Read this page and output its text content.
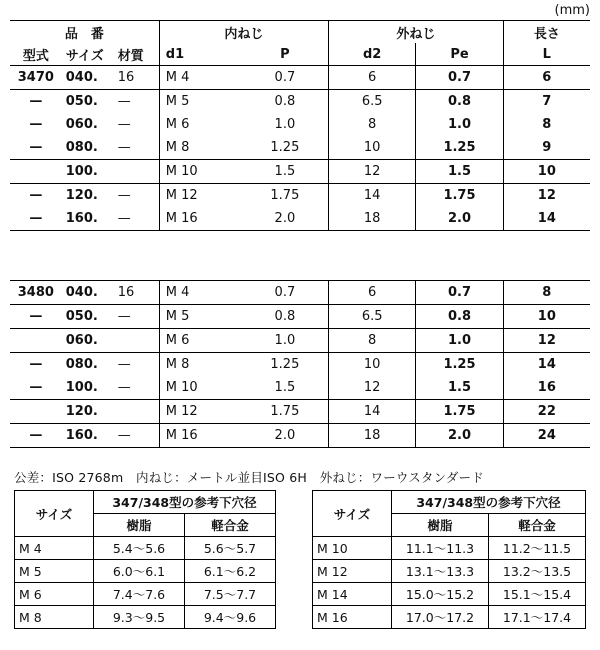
(mm)
品　番			内ねじ		外ねじ		長さ
型式	サイズ	材質	d1	P	d2	Pe	L
3470	040.	16	M 4	0.7	6	0.7	6
—	050.	—	M 5	0.8	6.5	0.8	7
—	060.	—	M 6	1.0	8	1.0	8
—	080.	—	M 8	1.25	10	1.25	9
	100.		M 10	1.5	12	1.5	10
—	120.	—	M 12	1.75	14	1.75	12
—	160.	—	M 16	2.0	18	2.0	14
3480	040.	16	M 4	0.7	6	0.7	8
—	050.	—	M 5	0.8	6.5	0.8	10
	060.		M 6	1.0	8	1.0	12
—	080.	—	M 8	1.25	10	1.25	14
—	100.	—	M 10	1.5	12	1.5	16
	120.		M 12	1.75	14	1.75	22
—	160.	—	M 16	2.0	18	2.0	24
公差：ISO 2768m　内ねじ：メートル並目ISO 6H　外ねじ：ワーウスタンダード
サイズ	347/348型の参考下穴径	
	樹脂	軽合金
M 4	5.4〜5.6	5.6〜5.7
M 5	6.0〜6.1	6.1〜6.2
M 6	7.4〜7.6	7.5〜7.7
M 8	9.3〜9.5	9.4〜9.6
サイズ	347/348型の参考下穴径	
	樹脂	軽合金
M 10	11.1〜11.3	11.2〜11.5
M 12	13.1〜13.3	13.2〜13.5
M 14	15.0〜15.2	15.1〜15.4
M 16	17.0〜17.2	17.1〜17.4
